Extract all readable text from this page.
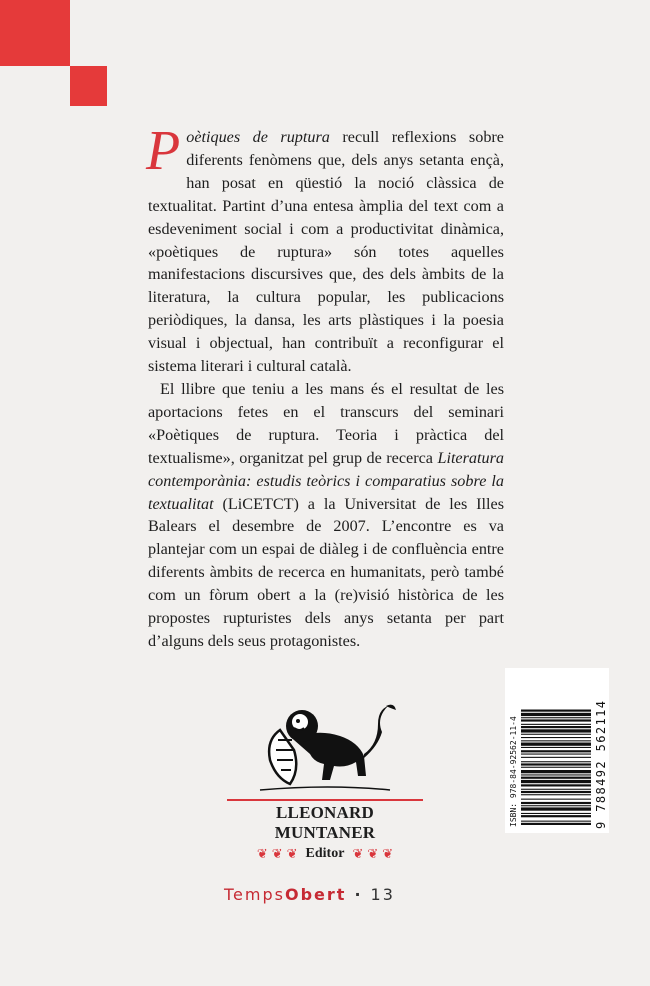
Poètiques de ruptura recull reflexions sobre diferents fenòmens que, dels anys setanta ençà, han posat en qüestió la noció clàssica de textualitat. Partint d’una entesa àmplia del text com a esdeveniment social i com a productivitat dinàmica, «poètiques de ruptura» són totes aquelles manifestacions discursives que, des dels àmbits de la literatura, la cultura popular, les publicacions periòdiques, la dansa, les arts plàstiques i la poesia visual i objectual, han contribuït a reconfigurar el sistema literari i cultural català.

El llibre que teniu a les mans és el resultat de les aportacions fetes en el transcurs del seminari «Poètiques de ruptura. Teoria i pràctica del textualisme», organitzat pel grup de recerca Literatura contemporània: estudis teòrics i comparatius sobre la textualitat (LiCETCT) a la Universitat de les Illes Balears el desembre de 2007. L’encontre es va plantejar com un espai de diàleg i de confluència entre diferents àmbits de recerca en humanitats, però també com un fòrum obert a la (re)visió històrica de les propostes rupturistes dels anys setanta per part d’alguns dels seus protagonistes.

ISBN: 978-84-92562-11-4	9 788492 562114
LLEONARD MUNTANER
❦ ❦ ❦ Editor ❦ ❦ ❦
TempsObert · 13
